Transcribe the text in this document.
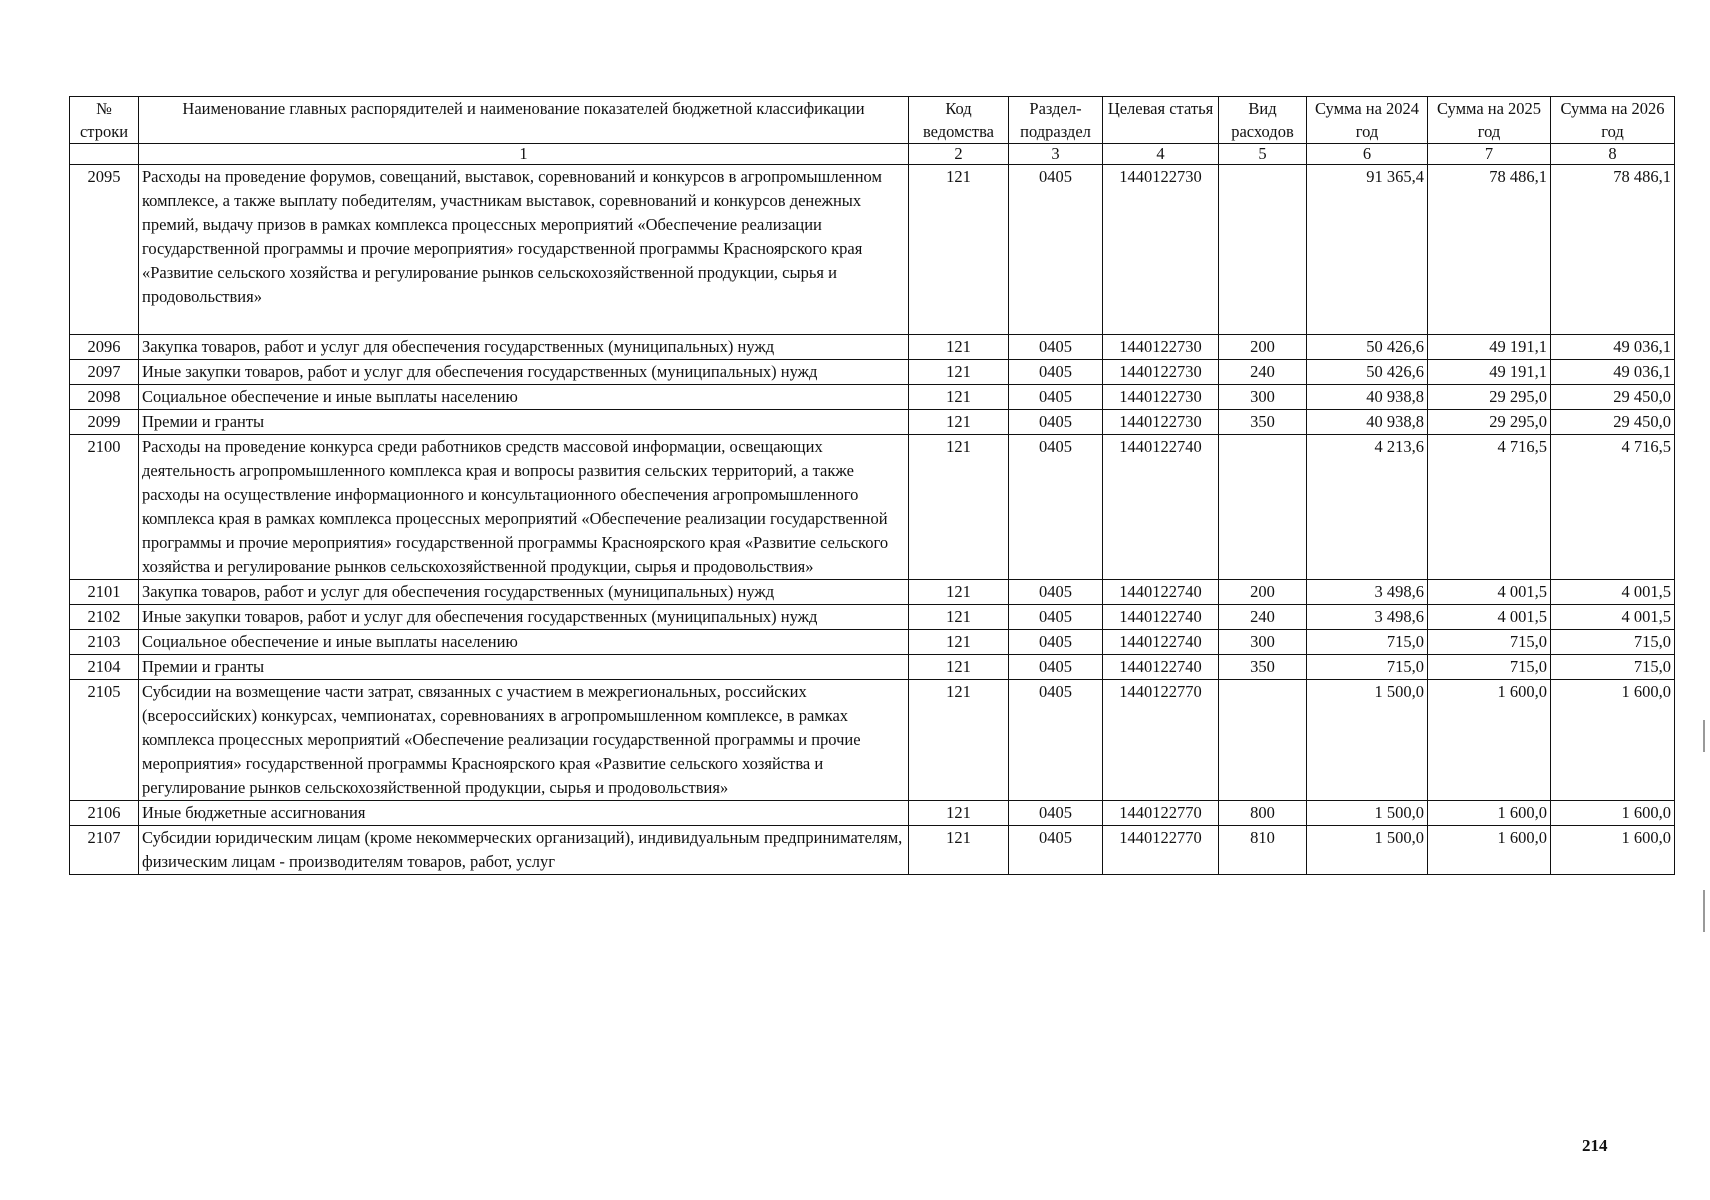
№ строки	Наименование главных распорядителей и наименование показателей бюджетной классификации	Код ведомства	Раздел-подраздел	Целевая статья	Вид расходов	Сумма на 2024 год	Сумма на 2025 год	Сумма на 2026 год
	1	2	3	4	5	6	7	8
2095	Расходы на проведение форумов, совещаний, выставок, соревнований и конкурсов в агропромышленном комплексе, а также выплату победителям, участникам выставок, соревнований и конкурсов денежных премий, выдачу призов в рамках комплекса процессных мероприятий «Обеспечение реализации государственной программы и прочие мероприятия» государственной программы Красноярского края «Развитие сельского хозяйства и регулирование рынков сельскохозяйственной продукции, сырья и продовольствия»	121	0405	1440122730		91 365,4	78 486,1	78 486,1
2096	Закупка товаров, работ и услуг для обеспечения государственных (муниципальных) нужд	121	0405	1440122730	200	50 426,6	49 191,1	49 036,1
2097	Иные закупки товаров, работ и услуг для обеспечения государственных (муниципальных) нужд	121	0405	1440122730	240	50 426,6	49 191,1	49 036,1
2098	Социальное обеспечение и иные выплаты населению	121	0405	1440122730	300	40 938,8	29 295,0	29 450,0
2099	Премии и гранты	121	0405	1440122730	350	40 938,8	29 295,0	29 450,0
2100	Расходы на проведение конкурса среди работников средств массовой информации, освещающих деятельность агропромышленного комплекса края и вопросы развития сельских территорий, а также расходы на осуществление информационного и консультационного обеспечения агропромышленного комплекса края в рамках комплекса процессных мероприятий «Обеспечение реализации государственной программы и прочие мероприятия» государственной программы Красноярского края «Развитие сельского хозяйства и регулирование рынков сельскохозяйственной продукции, сырья и продовольствия»	121	0405	1440122740		4 213,6	4 716,5	4 716,5
2101	Закупка товаров, работ и услуг для обеспечения государственных (муниципальных) нужд	121	0405	1440122740	200	3 498,6	4 001,5	4 001,5
2102	Иные закупки товаров, работ и услуг для обеспечения государственных (муниципальных) нужд	121	0405	1440122740	240	3 498,6	4 001,5	4 001,5
2103	Социальное обеспечение и иные выплаты населению	121	0405	1440122740	300	715,0	715,0	715,0
2104	Премии и гранты	121	0405	1440122740	350	715,0	715,0	715,0
2105	Субсидии на возмещение части затрат, связанных с участием в межрегиональных, российских (всероссийских) конкурсах, чемпионатах, соревнованиях в агропромышленном комплексе, в рамках комплекса процессных мероприятий «Обеспечение реализации государственной программы и прочие мероприятия» государственной программы Красноярского края «Развитие сельского хозяйства и регулирование рынков сельскохозяйственной продукции, сырья и продовольствия»	121	0405	1440122770		1 500,0	1 600,0	1 600,0
2106	Иные бюджетные ассигнования	121	0405	1440122770	800	1 500,0	1 600,0	1 600,0
2107	Субсидии юридическим лицам (кроме некоммерческих организаций), индивидуальным предпринимателям, физическим лицам - производителям товаров, работ, услуг	121	0405	1440122770	810	1 500,0	1 600,0	1 600,0
214
